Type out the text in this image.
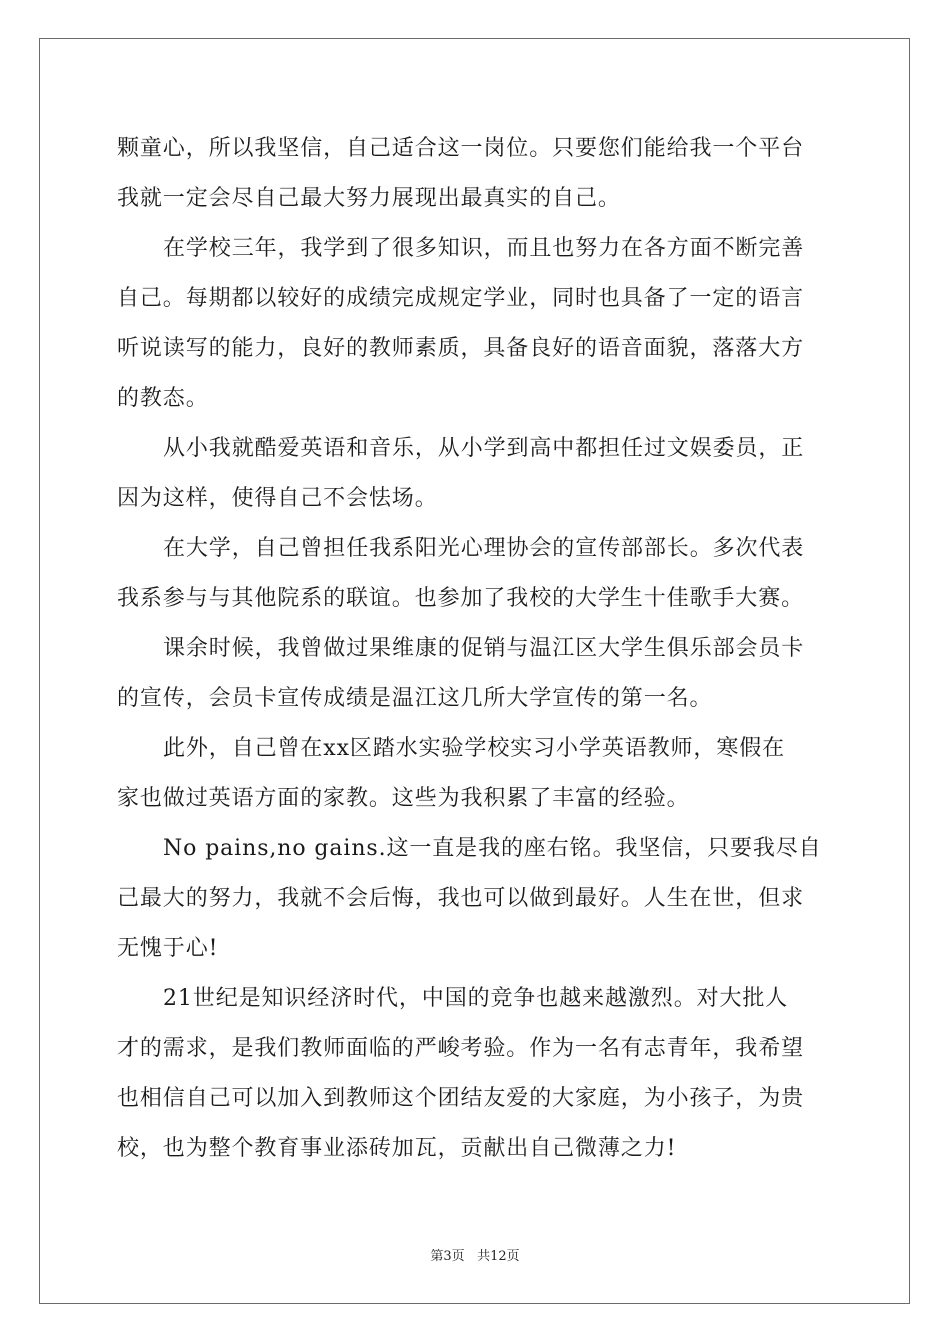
颗童心，所以我坚信，自己适合这一岗位。只要您们能给我一个平台
我就一定会尽自己最大努力展现出最真实的自己。
在学校三年，我学到了很多知识，而且也努力在各方面不断完善
自己。每期都以较好的成绩完成规定学业，同时也具备了一定的语言
听说读写的能力，良好的教师素质，具备良好的语音面貌，落落大方
的教态。
从小我就酷爱英语和音乐，从小学到高中都担任过文娱委员，正
因为这样，使得自己不会怯场。
在大学，自己曾担任我系阳光心理协会的宣传部部长。多次代表
我系参与与其他院系的联谊。也参加了我校的大学生十佳歌手大赛。
课余时候，我曾做过果维康的促销与温江区大学生俱乐部会员卡
的宣传，会员卡宣传成绩是温江这几所大学宣传的第一名。
此外，自己曾在xx区踏水实验学校实习小学英语教师，寒假在
家也做过英语方面的家教。这些为我积累了丰富的经验。
No pains,no gains.这一直是我的座右铭。我坚信，只要我尽自
己最大的努力，我就不会后悔，我也可以做到最好。人生在世，但求
无愧于心!
21世纪是知识经济时代，中国的竞争也越来越激烈。对大批人
才的需求，是我们教师面临的严峻考验。作为一名有志青年，我希望
也相信自己可以加入到教师这个团结友爱的大家庭，为小孩子，为贵
校，也为整个教育事业添砖加瓦，贡献出自己微薄之力!
第3页 共12页
